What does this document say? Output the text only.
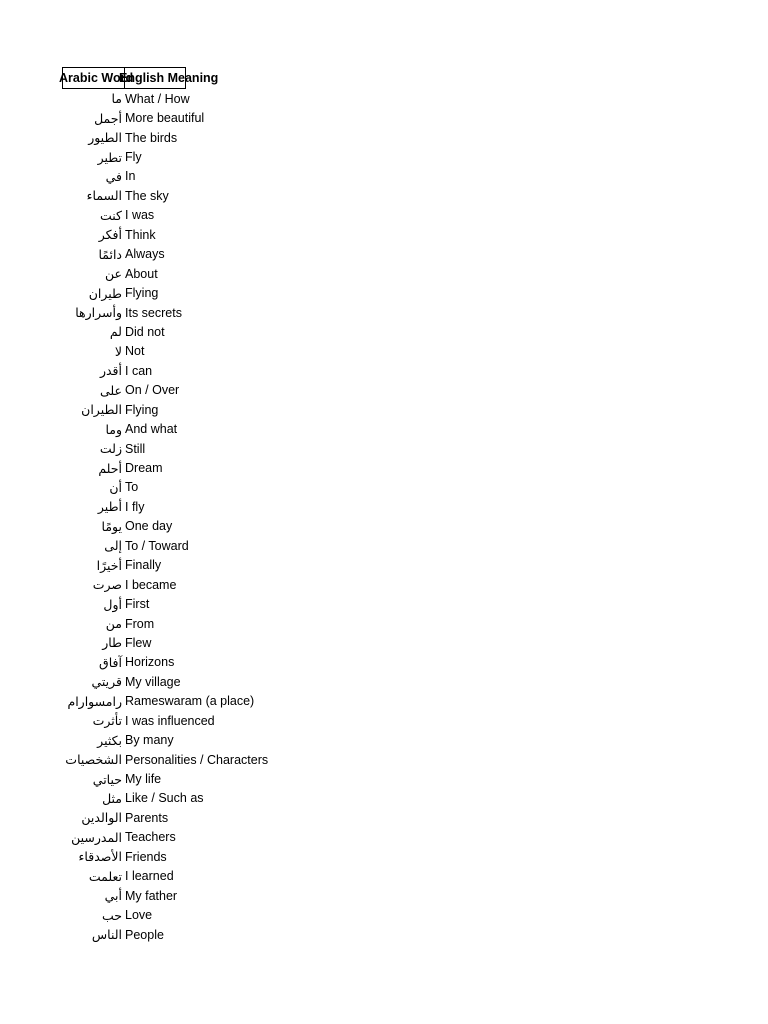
Arabic Word
English Meaning
ما What / How
أجمل More beautiful
الطيور The birds
تطير Fly
في In
السماء The sky
كنت I was
أفكر Think
دائمًا Always
عن About
طيران Flying
وأسرارها Its secrets
لم Did not
لا Not
أقدر I can
على On / Over
الطيران Flying
وما And what
زلت Still
أحلم Dream
أن To
أطير I fly
يومًا One day
إلى To / Toward
أخيرًا Finally
صرت I became
أول First
من From
طار Flew
آفاق Horizons
قريتي My village
رامسوارام Rameswaram (a place)
تأثرت I was influenced
بكثير By many
الشخصيات Personalities / Characters
حياتي My life
مثل Like / Such as
الوالدين Parents
المدرسين Teachers
الأصدقاء Friends
تعلمت I learned
أبي My father
حب Love
الناس People
